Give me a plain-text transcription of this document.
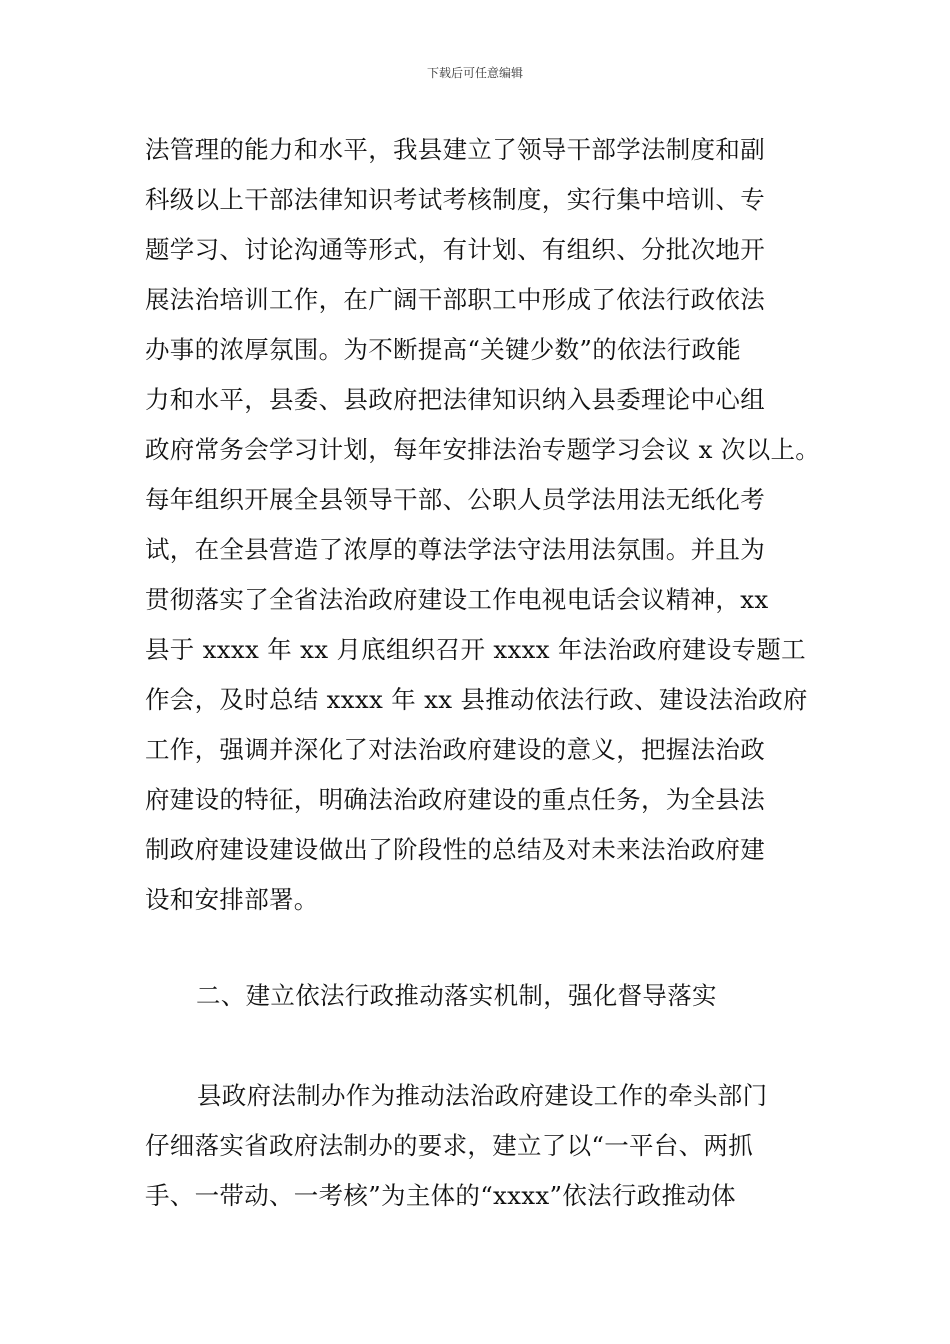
下载后可任意编辑
法管理的能力和水平，我县建立了领导干部学法制度和副
科级以上干部法律知识考试考核制度，实行集中培训、专
题学习、讨论沟通等形式，有计划、有组织、分批次地开
展法治培训工作，在广阔干部职工中形成了依法行政依法
办事的浓厚氛围。为不断提高“关键少数”的依法行政能
力和水平，县委、县政府把法律知识纳入县委理论中心组
政府常务会学习计划，每年安排法治专题学习会议 x 次以上。
每年组织开展全县领导干部、公职人员学法用法无纸化考
试，在全县营造了浓厚的尊法学法守法用法氛围。并且为
贯彻落实了全省法治政府建设工作电视电话会议精神，xx
县于 xxxx 年 xx 月底组织召开 xxxx 年法治政府建设专题工
作会，及时总结 xxxx 年 xx 县推动依法行政、建设法治政府
工作，强调并深化了对法治政府建设的意义，把握法治政
府建设的特征，明确法治政府建设的重点任务，为全县法
制政府建设建设做出了阶段性的总结及对未来法治政府建
设和安排部署。
二、建立依法行政推动落实机制，强化督导落实
县政府法制办作为推动法治政府建设工作的牵头部门
仔细落实省政府法制办的要求，建立了以“一平台、两抓
手、一带动、一考核”为主体的“xxxx”依法行政推动体
